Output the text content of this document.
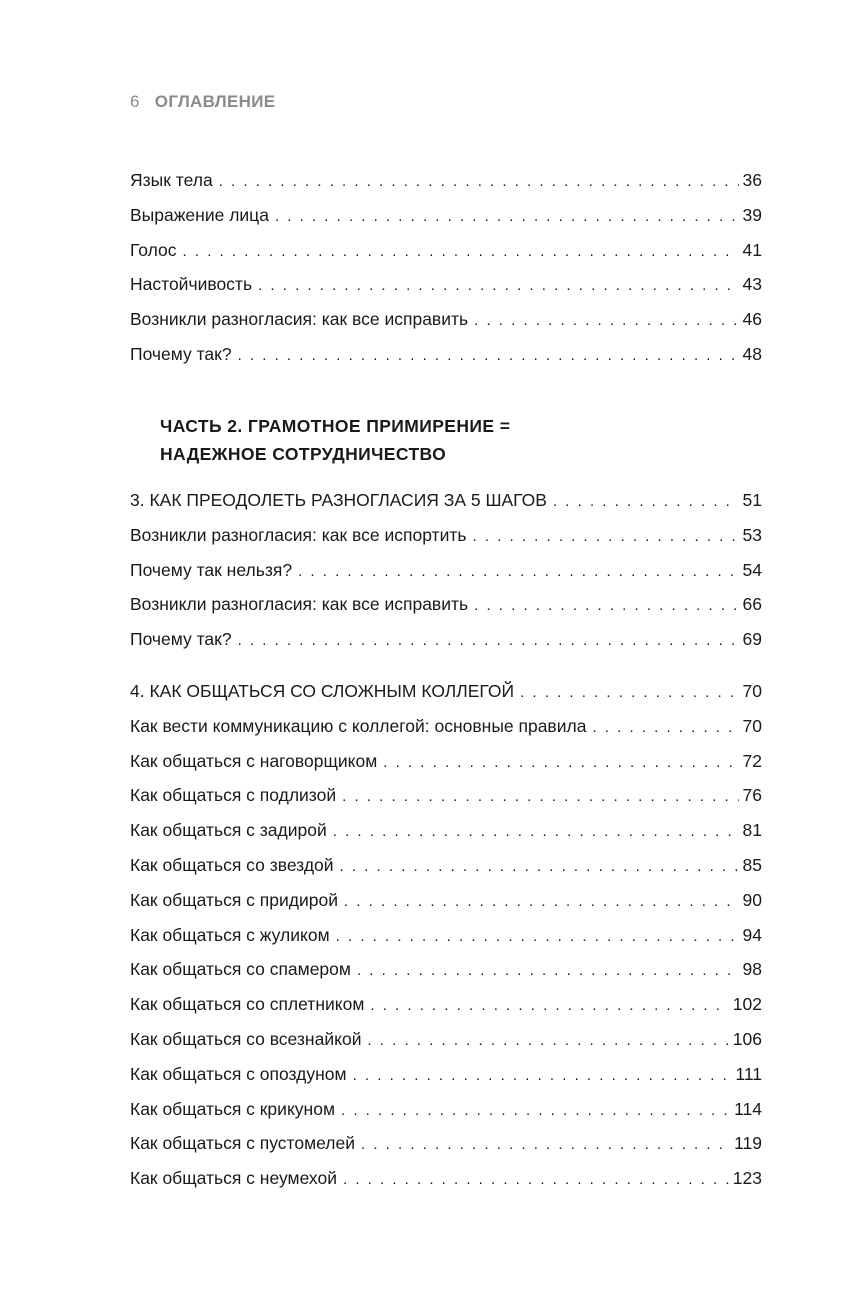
6 ОГЛАВЛЕНИЕ
Язык тела . . .	36
Выражение лица . . .	39
Голос . . .	41
Настойчивость . . .	43
Возникли разногласия: как все исправить . . .	46
Почему так? . . .	48
ЧАСТЬ 2. ГРАМОТНОЕ ПРИМИРЕНИЕ =
НАДЕЖНОЕ СОТРУДНИЧЕСТВО
3. КАК ПРЕОДОЛЕТЬ РАЗНОГЛАСИЯ ЗА 5 ШАГОВ . . .	51
Возникли разногласия: как все испортить . . .	53
Почему так нельзя? . . .	54
Возникли разногласия: как все исправить . . .	66
Почему так? . . .	69
4. КАК ОБЩАТЬСЯ СО СЛОЖНЫМ КОЛЛЕГОЙ . . .	70
Как вести коммуникацию с коллегой: основные правила . . .	70
Как общаться с наговорщиком . . .	72
Как общаться с подлизой . . .	76
Как общаться с задирой . . .	81
Как общаться со звездой . . .	85
Как общаться с придирой . . .	90
Как общаться с жуликом . . .	94
Как общаться со спамером . . .	98
Как общаться со сплетником . . .	102
Как общаться со всезнайкой . . .	106
Как общаться с опоздуном . . .	111
Как общаться с крикуном . . .	114
Как общаться с пустомелей . . .	119
Как общаться с неумехой . . .	123
